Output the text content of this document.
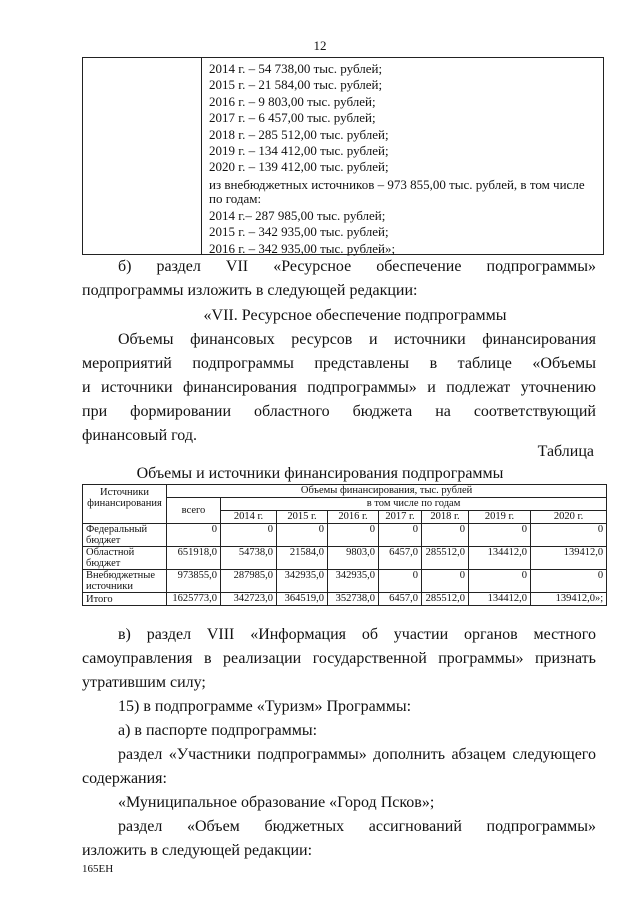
12
2014 г. – 54 738,00 тыс. рублей;
2015 г. – 21 584,00 тыс. рублей;
2016 г. – 9 803,00 тыс. рублей;
2017 г. – 6 457,00 тыс. рублей;
2018 г. – 285 512,00 тыс. рублей;
2019 г. – 134 412,00 тыс. рублей;
2020 г. – 139 412,00 тыс. рублей;
из внебюджетных источников – 973 855,00 тыс. рублей, в том числе по годам:
2014 г.– 287 985,00 тыс. рублей;
2015 г. – 342 935,00 тыс. рублей;
2016 г. – 342 935,00 тыс. рублей»;
б) раздел VII «Ресурсное обеспечение подпрограммы»
подпрограммы изложить в следующей редакции:
«VII. Ресурсное обеспечение подпрограммы
Объемы финансовых ресурсов и источники финансирования
мероприятий подпрограммы представлены в таблице «Объемы
и источники финансирования подпрограммы» и подлежат уточнению
при формировании областного бюджета на соответствующий
финансовый год.
Таблица
Объемы и источники финансирования подпрограммы
Источники финансирования	Объемы финансирования, тыс. рублей							
	всего	в том числе по годам						
		2014 г.	2015 г.	2016 г.	2017 г.	2018 г.	2019 г.	2020 г.
Федеральный бюджет	0	0	0	0	0	0	0	0
Областной бюджет	651918,0	54738,0	21584,0	9803,0	6457,0	285512,0	134412,0	139412,0
Внебюджетные источники	973855,0	287985,0	342935,0	342935,0	0	0	0	0
Итого	1625773,0	342723,0	364519,0	352738,0	6457,0	285512,0	134412,0	139412,0»;
в) раздел VIII «Информация об участии органов местного
самоуправления в реализации государственной программы» признать
утратившим силу;
15) в подпрограмме «Туризм» Программы:
а) в паспорте подпрограммы:
раздел «Участники подпрограммы» дополнить абзацем следующего
содержания:
«Муниципальное образование «Город Псков»;
раздел «Объем бюджетных ассигнований подпрограммы»
изложить в следующей редакции:
165ЕН
